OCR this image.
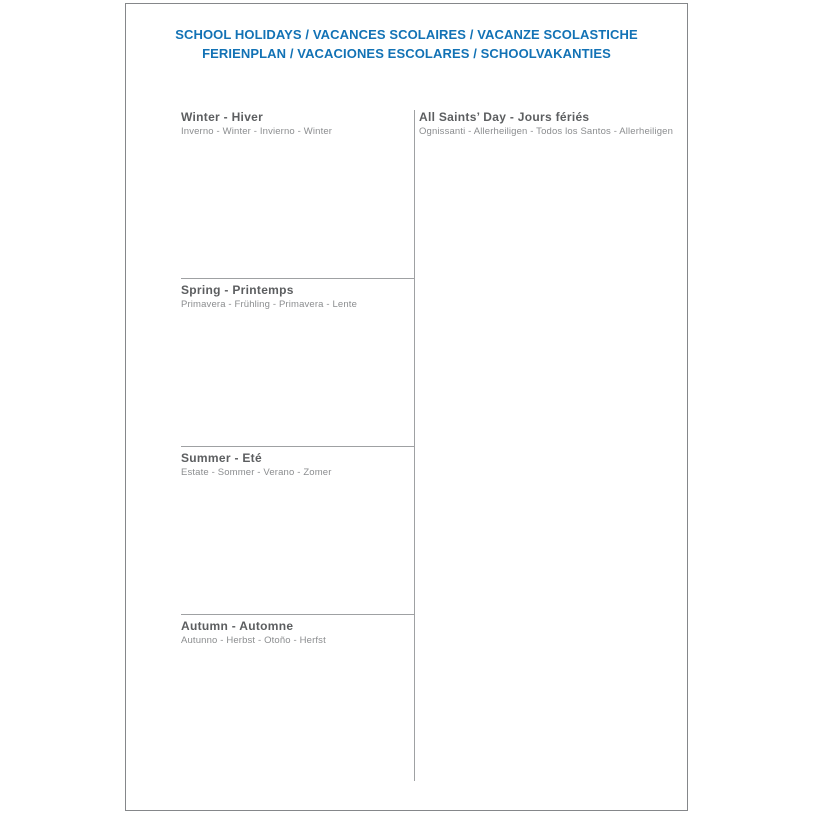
SCHOOL HOLIDAYS / VACANCES SCOLAIRES / VACANZE SCOLASTICHE
FERIENPLAN / VACACIONES ESCOLARES / SCHOOLVAKANTIES
Winter - Hiver
Inverno - Winter - Invierno - Winter
Spring - Printemps
Primavera - Frühling - Primavera - Lente
Summer - Eté
Estate - Sommer - Verano - Zomer
Autumn - Automne
Autunno - Herbst - Otoño - Herfst
All Saints’ Day - Jours fériés
Ognissanti - Allerheiligen - Todos los Santos - Allerheiligen
